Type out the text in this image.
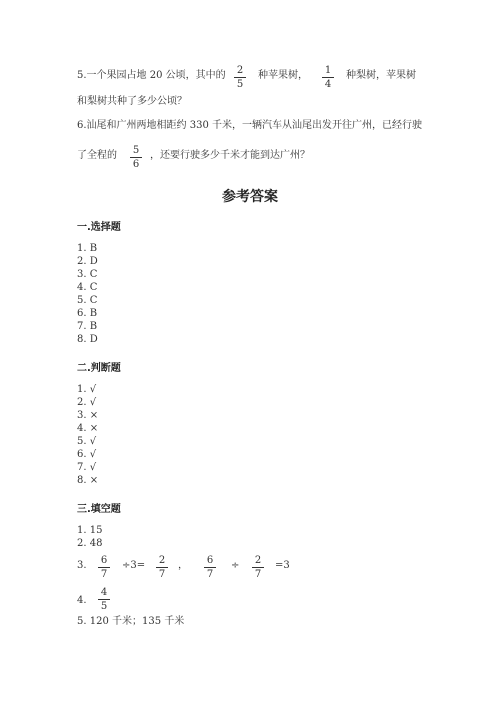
5.一个果园占地 20 公顷，其中的	2
5
种苹果树，	1
4
种梨树，苹果树
和梨树共种了多少公顷？
6.汕尾和广州两地相距约 330 千米，一辆汽车从汕尾出发开往广州，已经行驶
了全程的	5
6
，还要行驶多少千米才能到达广州？
参考答案
一.选择题
1. B
2. D
3. C
4. C
5. C
6. B
7. B
8. D
二.判断题
1. √
2. √
3. ×
4. ×
5. √
6. √
7. √
8. ×
三.填空题
1. 15
2. 48
3.	6
7
÷3=	2
7
，	6
7
÷	2
7
=3
4.
4
5
5. 120 千米；135 千米
